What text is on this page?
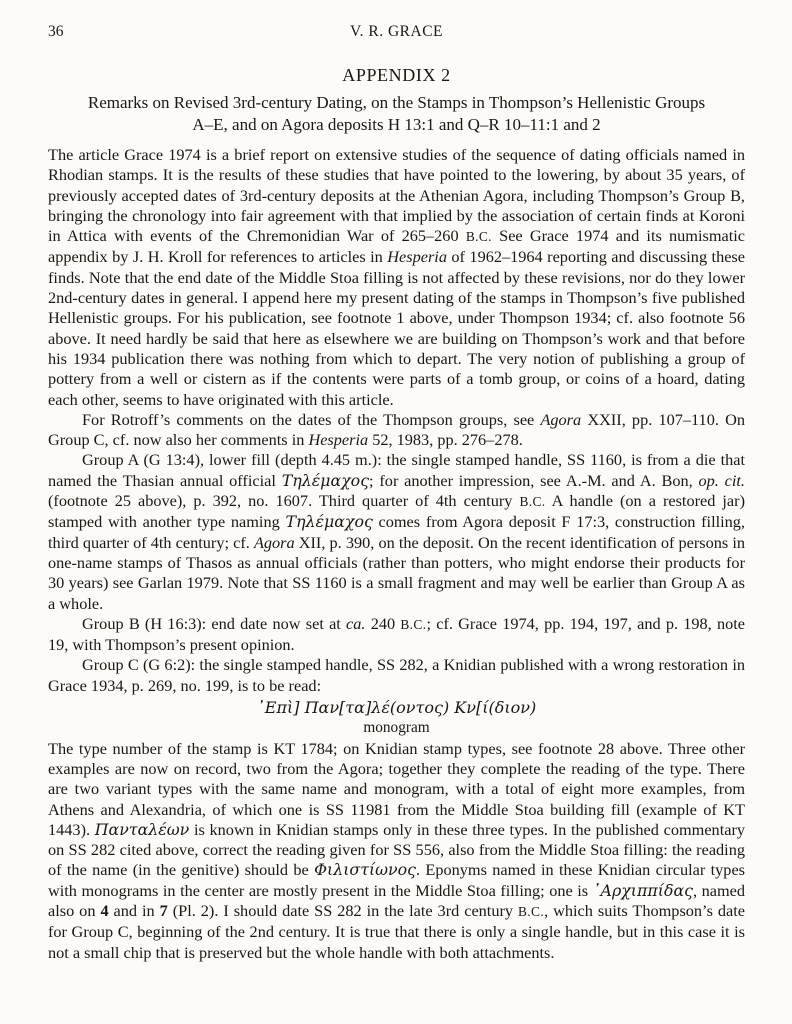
36	V. R. GRACE
APPENDIX 2
Remarks on Revised 3rd-century Dating, on the Stamps in Thompson’s Hellenistic Groups
A–E, and on Agora deposits H 13:1 and Q–R 10–11:1 and 2

The article Grace 1974 is a brief report on extensive studies of the sequence of dating officials named in Rhodian stamps. It is the results of these studies that have pointed to the lowering, by about 35 years, of previously accepted dates of 3rd-century deposits at the Athenian Agora, including Thompson’s Group B, bringing the chronology into fair agreement with that implied by the association of certain finds at Koroni in Attica with events of the Chremonidian War of 265–260 B.C. See Grace 1974 and its numismatic appendix by J. H. Kroll for references to articles in Hesperia of 1962–1964 reporting and discussing these finds. Note that the end date of the Middle Stoa filling is not affected by these revisions, nor do they lower 2nd-century dates in general. I append here my present dating of the stamps in Thompson’s five published Hellenistic groups. For his publication, see footnote 1 above, under Thompson 1934; cf. also footnote 56 above. It need hardly be said that here as elsewhere we are building on Thompson’s work and that before his 1934 publication there was nothing from which to depart. The very notion of publishing a group of pottery from a well or cistern as if the contents were parts of a tomb group, or coins of a hoard, dating each other, seems to have originated with this article.

For Rotroff’s comments on the dates of the Thompson groups, see Agora XXII, pp. 107–110. On Group C, cf. now also her comments in Hesperia 52, 1983, pp. 276–278.

Group A (G 13:4), lower fill (depth 4.45 m.): the single stamped handle, SS 1160, is from a die that named the Thasian annual official Τηλέμαχος; for another impression, see A.-M. and A. Bon, op. cit. (footnote 25 above), p. 392, no. 1607. Third quarter of 4th century B.C. A handle (on a restored jar) stamped with another type naming Τηλέμαχος comes from Agora deposit F 17:3, construction filling, third quarter of 4th century; cf. Agora XII, p. 390, on the deposit. On the recent identification of persons in one-name stamps of Thasos as annual officials (rather than potters, who might endorse their products for 30 years) see Garlan 1979. Note that SS 1160 is a small fragment and may well be earlier than Group A as a whole.

Group B (H 16:3): end date now set at ca. 240 B.C.; cf. Grace 1974, pp. 194, 197, and p. 198, note 19, with Thompson’s present opinion.

Group C (G 6:2): the single stamped handle, SS 282, a Knidian published with a wrong restoration in Grace 1934, p. 269, no. 199, is to be read:

᾿Επὶ] Παν[τα]λέ(οντος) Κν[ί(διον)

monogram

The type number of the stamp is KT 1784; on Knidian stamp types, see footnote 28 above. Three other examples are now on record, two from the Agora; together they complete the reading of the type. There are two variant types with the same name and monogram, with a total of eight more examples, from Athens and Alexandria, of which one is SS 11981 from the Middle Stoa building fill (example of KT 1443). Πανταλέων is known in Knidian stamps only in these three types. In the published commentary on SS 282 cited above, correct the reading given for SS 556, also from the Middle Stoa filling: the reading of the name (in the genitive) should be Φιλιστίωνος. Eponyms named in these Knidian circular types with monograms in the center are mostly present in the Middle Stoa filling; one is ᾿Αρχιππίδας, named also on 4 and in 7 (Pl. 2). I should date SS 282 in the late 3rd century B.C., which suits Thompson’s date for Group C, beginning of the 2nd century. It is true that there is only a single handle, but in this case it is not a small chip that is preserved but the whole handle with both attachments.
